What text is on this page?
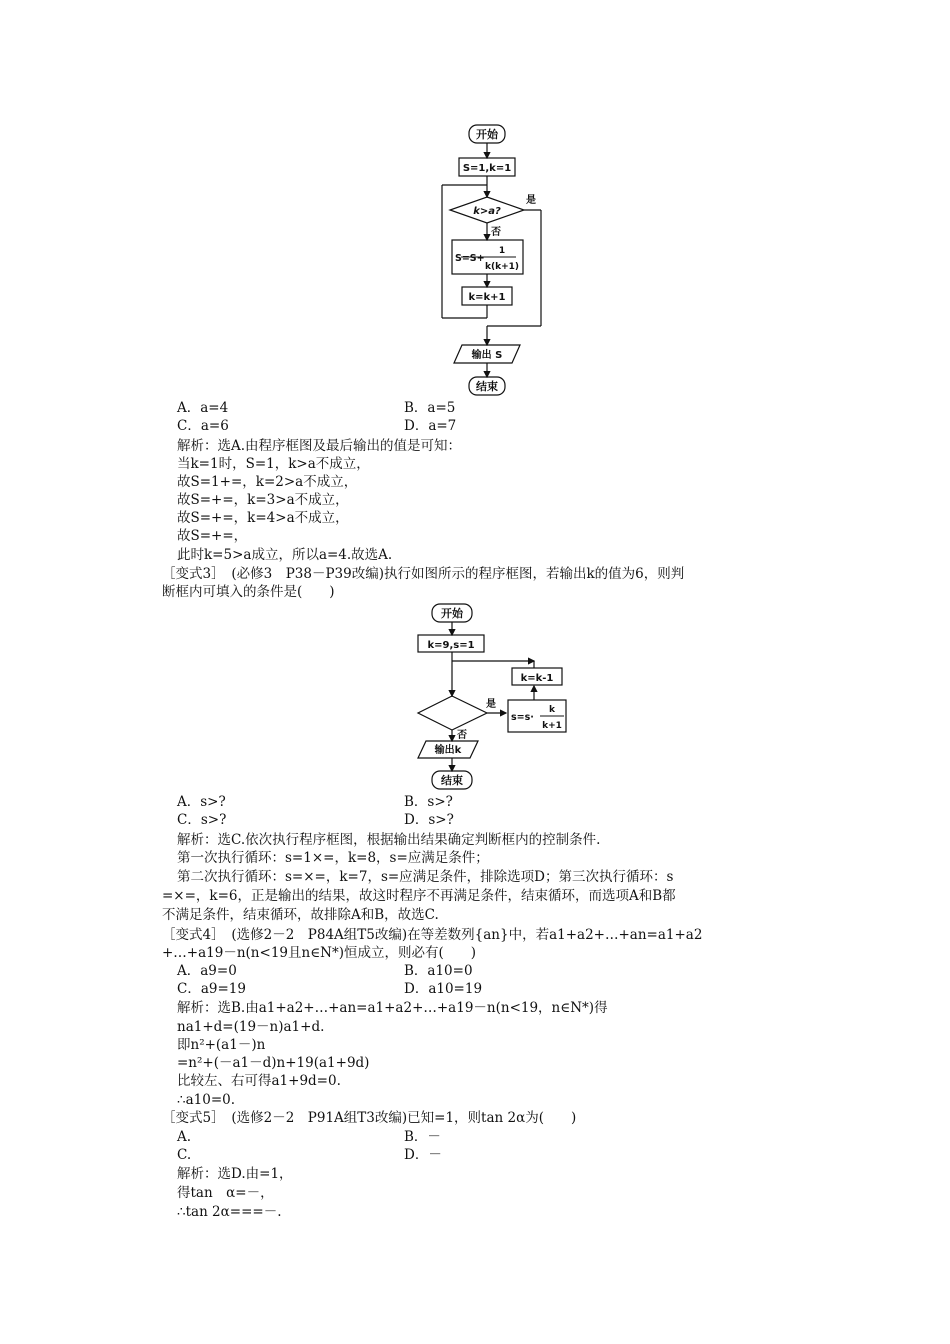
开始
S=1,k=1
k>a?
是
否
S=S+
1
k(k+1)
k=k+1
输出 S
结束
A．a=4	B．a=5
C．a=6	D．a=7
解析：选A.由程序框图及最后输出的值是可知：
当k=1时，S=1，k>a不成立，
故S=1+=，k=2>a不成立，
故S=+=，k=3>a不成立，
故S=+=，k=4>a不成立，
故S=+=，
此时k=5>a成立，所以a=4.故选A.
［变式3］　(必修3　P38－P39改编)执行如图所示的程序框图，若输出k的值为6，则判
断框内可填入的条件是(　　)
开始
k=9,s=1
k=k-1
是
否
s=s·
k
k+1
输出k
结束
A．s>?	B．s>?
C．s>?	D．s>?
解析：选C.依次执行程序框图，根据输出结果确定判断框内的控制条件.
第一次执行循环：s=1×=，k=8，s=应满足条件；
第二次执行循环：s=×=，k=7，s=应满足条件，排除选项D；第三次执行循环：s
=×=，k=6，正是输出的结果，故这时程序不再满足条件，结束循环，而选项A和B都
不满足条件，结束循环，故排除A和B，故选C.
［变式4］　(选修2－2　P84A组T5改编)在等差数列{an}中，若a1+a2+…+an=a1+a2
+…+a19－n(n<19且n∈N*)恒成立，则必有(　　)
A．a9=0	B．a10=0
C．a9=19	D．a10=19
解析：选B.由a1+a2+…+an=a1+a2+…+a19－n(n<19，n∈N*)得
na1+d=(19－n)a1+d.
即n²+(a1－)n
=n²+(－a1－d)n+19(a1+9d)
比较左、右可得a1+9d=0.
∴a10=0.
［变式5］　(选修2－2　P91A组T3改编)已知=1，则tan 2α为(　　)
A.	B．－
C.	D．－
解析：选D.由=1，
得tan　α=－，
∴tan 2α===－.
